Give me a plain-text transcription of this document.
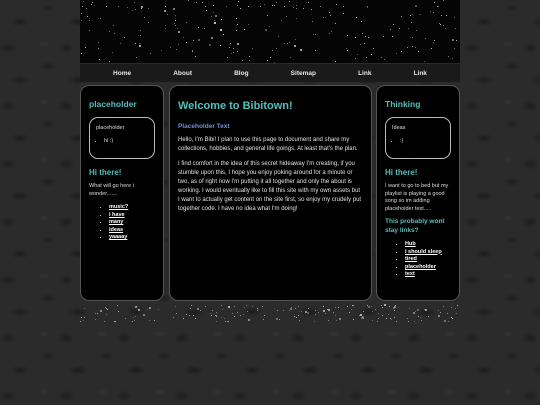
Home	About	Blog	Sitemap	Link	Link
placeholder
placeholder
• hi :)
Hi there!
What will go here i wonder.......
• music?
• i have
• many
• ideas
• yaaaay
Welcome to Bibitown!
Placeholder Text

Hello, I'm Bibi! I plan to use this page to document and share my collections, hobbies, and general life goings. At least that's the plan.

I find comfort in the idea of this secret hideaway I'm creating, if you stumble upon this, I hope you enjoy poking around for a minute or two, as of right now I'm putting it all together and only the about is working. I would eventually like to fill this site with my own assets but I want to actually get content on the site first, so enjoy my crudely put together code. I have no idea what I'm doing!

Thinking
Ideas
• :)
Hi there!
I want to go to bed but my playlist is playing a good song so im adding placeholder text.....
This probably wont stay links?
• Hub
• i should sleep
• tired
• placeholder
• text
